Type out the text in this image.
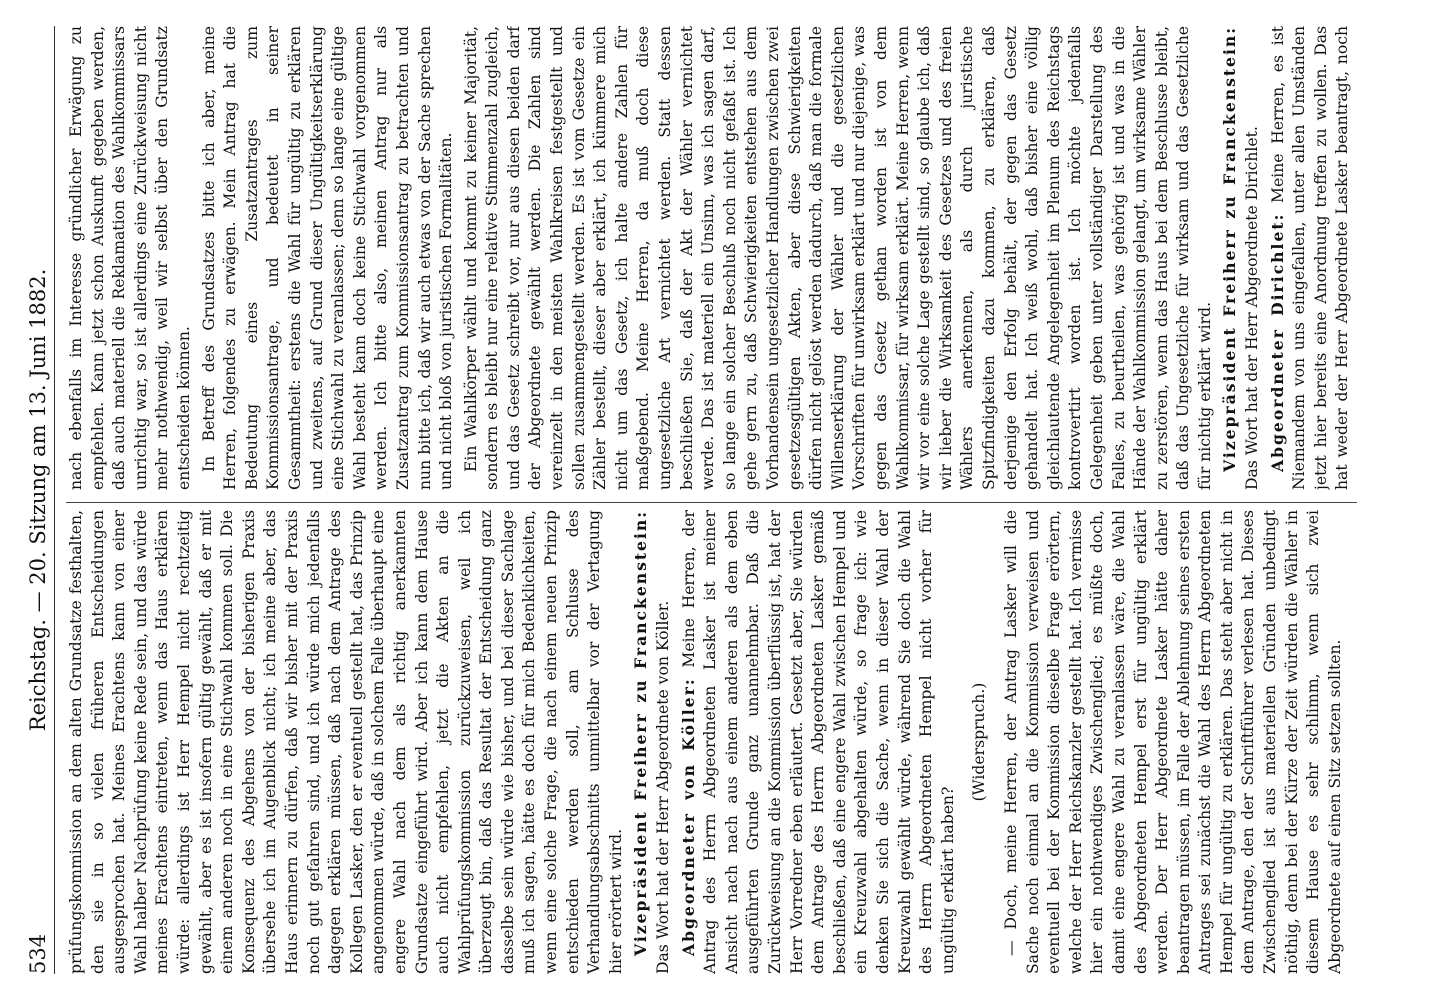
534
Reichstag. — 20. Sitzung am 13. Juni 1882.

prüfungskommission an dem alten Grundsatze festhalten, den sie in so vielen früheren Entscheidungen ausgesprochen hat. Meines Erachtens kann von einer Wahl halber Nachprüfung keine Rede sein, und das würde meines Erachtens eintreten, wenn das Haus erklären würde: allerdings ist Herr Hempel nicht rechtzeitig gewählt, aber es ist insofern gültig gewählt, daß er mit einem anderen noch in eine Stichwahl kommen soll. Die Konsequenz des Abgehens von der bisherigen Praxis übersehe ich im Augenblick nicht; ich meine aber, das Haus erinnern zu dürfen, daß wir bisher mit der Praxis noch gut gefahren sind, und ich würde mich jedenfalls dagegen erklären müssen, daß nach dem Antrage des Kollegen Lasker, den er eventuell gestellt hat, das Prinzip angenommen würde, daß in solchem Falle überhaupt eine engere Wahl nach dem als richtig anerkannten Grundsatze eingeführt wird. Aber ich kann dem Hause auch nicht empfehlen, jetzt die Akten an die Wahlprüfungskommission zurückzuweisen, weil ich überzeugt bin, daß das Resultat der Entscheidung ganz dasselbe sein würde wie bisher, und bei dieser Sachlage muß ich sagen, hätte es doch für mich Bedenklichkeiten, wenn eine solche Frage, die nach einem neuen Prinzip entschieden werden soll, am Schlusse des Verhandlungsabschnitts unmittelbar vor der Vertagung hier erörtert wird. Vizepräsident Freiherr zu Franckenstein: Das Wort hat der Herr Abgeordnete von Köller. Abgeordneter von Köller: Meine Herren, der Antrag des Herrn Abgeordneten Lasker ist meiner Ansicht nach nach aus einem anderen als dem eben ausgeführten Grunde ganz unannehmbar. Daß die Zurückweisung an die Kommission überflüssig ist, hat der Herr Vorredner eben erläutert. Gesetzt aber, Sie würden dem Antrage des Herrn Abgeordneten Lasker gemäß beschließen, daß eine engere Wahl zwischen Hempel und ein Kreuzwahl abgehalten würde, so frage ich: wie denken Sie sich die Sache, wenn in dieser Wahl der Kreuzwahl gewählt würde, während Sie doch die Wahl des Herrn Abgeordneten Hempel nicht vorher für ungültig erklärt haben?

(Widerspruch.) — Doch, meine Herren, der Antrag Lasker will die Sache noch einmal an die Kommission verweisen und eventuell bei der Kommission dieselbe Frage erörtern, welche der Herr Reichskanzler gestellt hat. Ich vermisse hier ein nothwendiges Zwischenglied; es müßte doch, damit eine engere Wahl zu veranlassen wäre, die Wahl des Abgeordneten Hempel erst für ungültig erklärt werden. Der Herr Abgeordnete Lasker hätte daher beantragen müssen, im Falle der Ablehnung seines ersten Antrages sei zunächst die Wahl des Herrn Abgeordneten Hempel für ungültig zu erklären. Das steht aber nicht in dem Antrage, den der Schriftführer verlesen hat. Dieses Zwischenglied ist aus materiellen Gründen unbedingt nöthig, denn bei der Kürze der Zeit würden die Wähler in diesem Hause es sehr schlimm, wenn sich zwei Abgeordnete auf einen Sitz setzen sollten.

nach ebenfalls im Interesse gründlicher Erwägung zu empfehlen. Kann jetzt schon Auskunft gegeben werden, daß auch materiell die Reklamation des Wahlkommissars unrichtig war, so ist allerdings eine Zurückweisung nicht mehr nothwendig, weil wir selbst über den Grundsatz entscheiden können. In Betreff des Grundsatzes bitte ich aber, meine Herren, folgendes zu erwägen. Mein Antrag hat die Bedeutung eines Zusatzantrages zum Kommissionsantrage, und bedeutet in seiner Gesammtheit: erstens die Wahl für ungültig zu erklären und zweitens, auf Grund dieser Ungültigkeitserklärung eine Stichwahl zu veranlassen; denn so lange eine gültige Wahl besteht kann doch keine Stichwahl vorgenommen werden. Ich bitte also, meinen Antrag nur als Zusatzantrag zum Kommissionsantrag zu betrachten und nun bitte ich, daß wir auch etwas von der Sache sprechen und nicht bloß von juristischen Formalitäten. Ein Wahlkörper wählt und kommt zu keiner Majorität, sondern es bleibt nur eine relative Stimmenzahl zugleich, und das Gesetz schreibt vor, nur aus diesen beiden darf der Abgeordnete gewählt werden. Die Zahlen sind vereinzelt in den meisten Wahlkreisen festgestellt und sollen zusammengestellt werden. Es ist vom Gesetze ein Zähler bestellt, dieser aber erklärt, ich kümmere mich nicht um das Gesetz, ich halte andere Zahlen für maßgebend. Meine Herren, da muß doch diese ungesetzliche Art vernichtet werden. Statt dessen beschließen Sie, daß der Akt der Wähler vernichtet werde. Das ist materiell ein Unsinn, was ich sagen darf, so lange ein solcher Beschluß noch nicht gefaßt ist. Ich gehe gern zu, daß Schwierigkeiten entstehen aus dem Vorhandensein ungesetzlicher Handlungen zwischen zwei gesetzesgültigen Akten, aber diese Schwierigkeiten dürfen nicht gelöst werden dadurch, daß man die formale Willenserklärung der Wähler und die gesetzlichen Vorschriften für unwirksam erklärt und nur diejenige, was gegen das Gesetz gethan worden ist von dem Wahlkommissar, für wirksam erklärt. Meine Herren, wenn wir vor eine solche Lage gestellt sind, so glaube ich, daß wir lieber die Wirksamkeit des Gesetzes und des freien Wählers anerkennen, als durch juristische Spitzfindigkeiten dazu kommen, zu erklären, daß derjenige den Erfolg behält, der gegen das Gesetz gehandelt hat. Ich weiß wohl, daß bisher eine völlig gleichlautende Angelegenheit im Plenum des Reichstags kontrovertirt worden ist. Ich möchte jedenfalls Gelegenheit geben unter vollständiger Darstellung des Falles, zu beurtheilen, was gehörig ist und was in die Hände der Wahlkommission gelangt, um wirksame Wähler zu zerstören, wenn das Haus bei dem Beschlusse bleibt, daß das Ungesetzliche für wirksam und das Gesetzliche für nichtig erklärt wird. Vizepräsident Freiherr zu Franckenstein: Das Wort hat der Herr Abgeordnete Dirichlet. Abgeordneter Dirichlet: Meine Herren, es ist Niemandem von uns eingefallen, unter allen Umständen jetzt hier bereits eine Anordnung treffen zu wollen. Das hat weder der Herr Abgeordnete Lasker beantragt, noch
